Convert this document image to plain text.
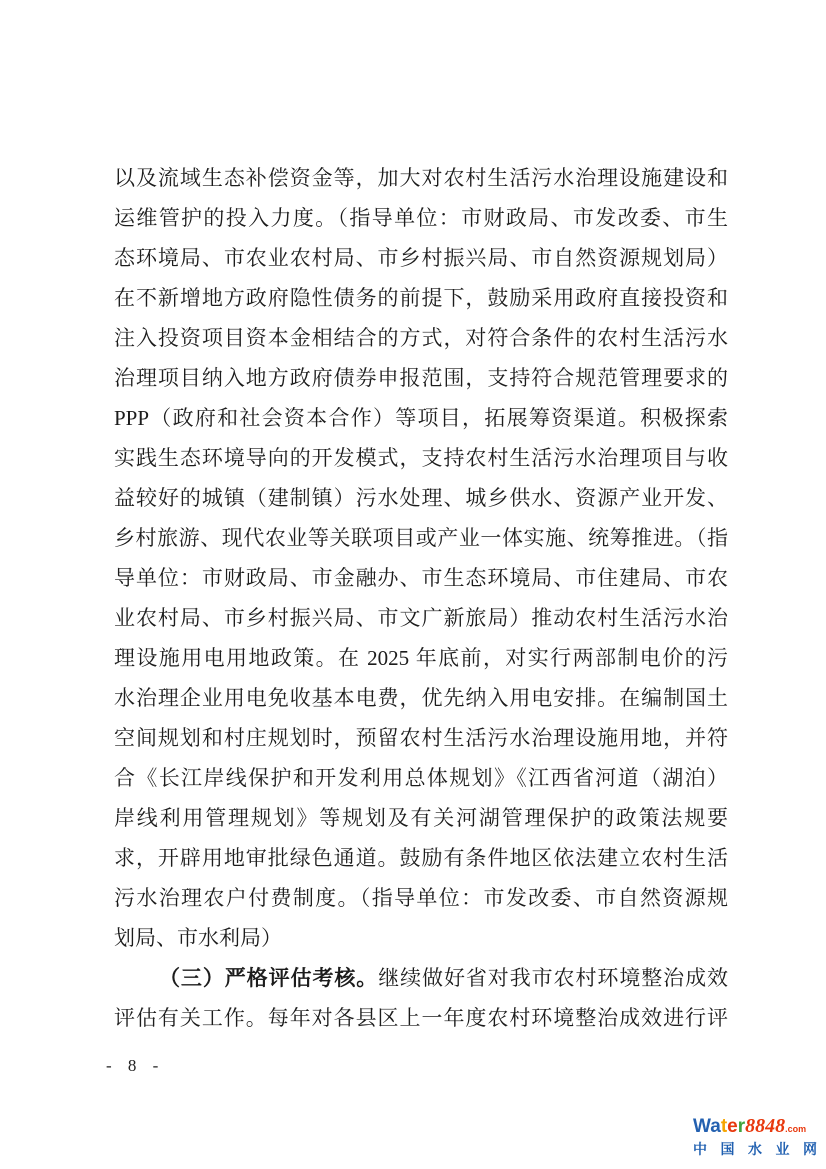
以及流域生态补偿资金等，加大对农村生活污水治理设施建设和
运维管护的投入力度。（指导单位：市财政局、市发改委、市生
态环境局、市农业农村局、市乡村振兴局、市自然资源规划局）
在不新增地方政府隐性债务的前提下，鼓励采用政府直接投资和
注入投资项目资本金相结合的方式，对符合条件的农村生活污水
治理项目纳入地方政府债券申报范围，支持符合规范管理要求的
PPP（政府和社会资本合作）等项目，拓展筹资渠道。积极探索
实践生态环境导向的开发模式，支持农村生活污水治理项目与收
益较好的城镇（建制镇）污水处理、城乡供水、资源产业开发、
乡村旅游、现代农业等关联项目或产业一体实施、统筹推进。（指
导单位：市财政局、市金融办、市生态环境局、市住建局、市农
业农村局、市乡村振兴局、市文广新旅局）推动农村生活污水治
理设施用电用地政策。在 2025 年底前，对实行两部制电价的污
水治理企业用电免收基本电费，优先纳入用电安排。在编制国土
空间规划和村庄规划时，预留农村生活污水治理设施用地，并符
合《长江岸线保护和开发利用总体规划》《江西省河道（湖泊）
岸线利用管理规划》等规划及有关河湖管理保护的政策法规要
求，开辟用地审批绿色通道。鼓励有条件地区依法建立农村生活
污水治理农户付费制度。（指导单位：市发改委、市自然资源规
划局、市水利局）
（三）严格评估考核。继续做好省对我市农村环境整治成效
评估有关工作。每年对各县区上一年度农村环境整治成效进行评
- 8 -
Water8848.com
中 国 水 业 网
